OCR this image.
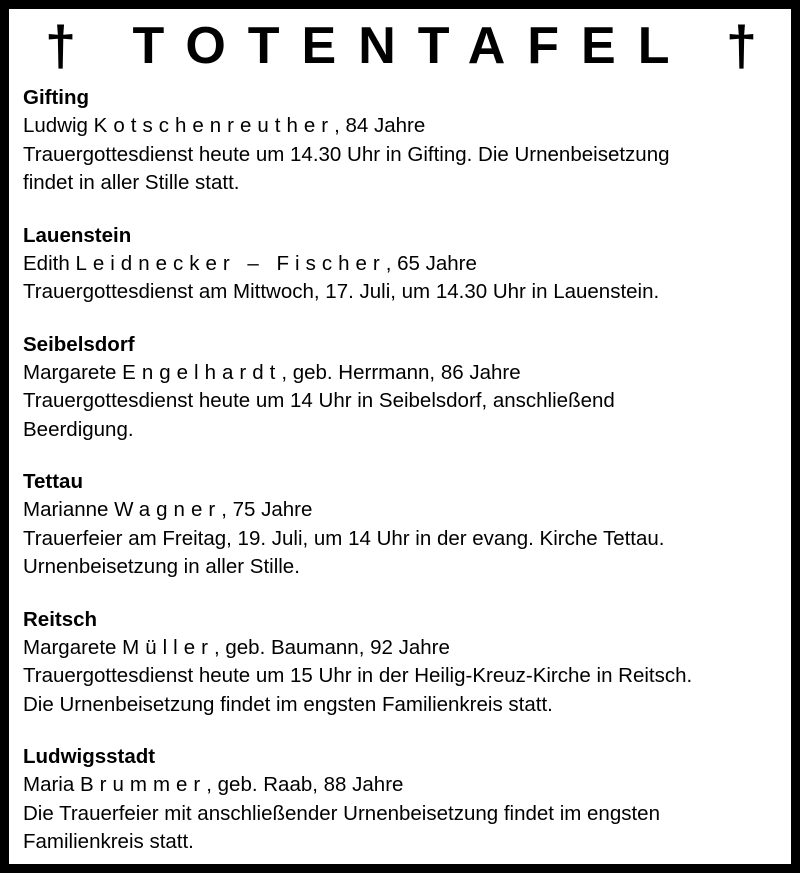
† TOTENTAFEL †
Gifting
Ludwig Kotschenreuther, 84 Jahre
Trauergottesdienst heute um 14.30 Uhr in Gifting. Die Urnenbeisetzung
findet in aller Stille statt.
Lauenstein
Edith Leidnecker – Fischer, 65 Jahre
Trauergottesdienst am Mittwoch, 17. Juli, um 14.30 Uhr in Lauenstein.
Seibelsdorf
Margarete Engelhardt, geb. Herrmann, 86 Jahre
Trauergottesdienst heute um 14 Uhr in Seibelsdorf, anschließend
Beerdigung.
Tettau
Marianne Wagner, 75 Jahre
Trauerfeier am Freitag, 19. Juli, um 14 Uhr in der evang. Kirche Tettau.
Urnenbeisetzung in aller Stille.
Reitsch
Margarete Müller, geb. Baumann, 92 Jahre
Trauergottesdienst heute um 15 Uhr in der Heilig-Kreuz-Kirche in Reitsch.
Die Urnenbeisetzung findet im engsten Familienkreis statt.
Ludwigsstadt
Maria Brummer, geb. Raab, 88 Jahre
Die Trauerfeier mit anschließender Urnenbeisetzung findet im engsten
Familienkreis statt.
